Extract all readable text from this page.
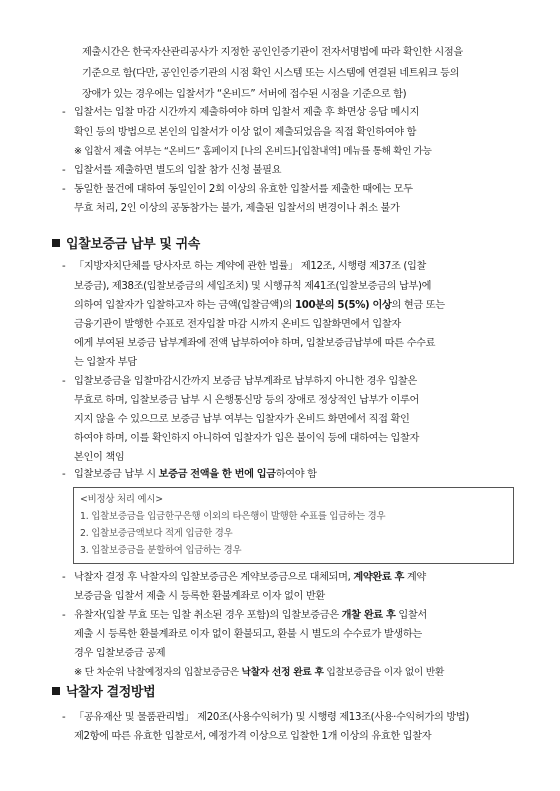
제출시간은 한국자산관리공사가 지정한 공인인증기관이 전자서명법에 따라 확인한 시점을
기준으로 함(다만, 공인인증기관의 시점 확인 시스템 또는 시스템에 연결된 네트워크 등의
장애가 있는 경우에는 입찰서가 “온비드” 서버에 접수된 시점을 기준으로 함)
- 입찰서는 입찰 마감 시간까지 제출하여야 하며 입찰서 제출 후 화면상 응답 메시지
확인 등의 방법으로 본인의 입찰서가 이상 없이 제출되었음을 직접 확인하여야 함
※ 입찰서 제출 여부는 “온비드” 홈페이지 [나의 온비드]-[입찰내역] 메뉴를 통해 확인 가능
- 입찰서를 제출하면 별도의 입찰 참가 신청 불필요
- 동일한 물건에 대하여 동일인이 2회 이상의 유효한 입찰서를 제출한 때에는 모두
무효 처리, 2인 이상의 공동참가는 불가, 제출된 입찰서의 변경이나 취소 불가
입찰보증금 납부 및 귀속
- 「지방자치단체를 당사자로 하는 계약에 관한 법률」 제12조, 시행령 제37조 (입찰
보증금), 제38조(입찰보증금의 세입조치) 및 시행규칙 제41조(입찰보증금의 납부)에
의하여 입찰자가 입찰하고자 하는 금액(입찰금액)의 100분의 5(5%) 이상의 현금 또는
금융기관이 발행한 수표로 전자입찰 마감 시까지 온비드 입찰화면에서 입찰자
에게 부여된 보증금 납부계좌에 전액 납부하여야 하며, 입찰보증금납부에 따른 수수료
는 입찰자 부담
- 입찰보증금을 입찰마감시간까지 보증금 납부계좌로 납부하지 아니한 경우 입찰은
무효로 하며, 입찰보증금 납부 시 은행통신망 등의 장애로 정상적인 납부가 이루어
지지 않을 수 있으므로 보증금 납부 여부는 입찰자가 온비드 화면에서 직접 확인
하여야 하며, 이를 확인하지 아니하여 입찰자가 입은 불이익 등에 대하여는 입찰자
본인이 책임
- 입찰보증금 납부 시 보증금 전액을 한 번에 입금하여야 함
<비정상 처리 예시>
1. 입찰보증금을 입금한구은행 이외의 타은행이 발행한 수표를 입금하는 경우
2. 입찰보증금액보다 적게 입금한 경우
3. 입찰보증금을 분할하여 입금하는 경우
- 낙찰자 결정 후 낙찰자의 입찰보증금은 계약보증금으로 대체되며, 계약완료 후 계약
보증금을 입찰서 제출 시 등록한 환불계좌로 이자 없이 반환
- 유찰자(입찰 무효 또는 입찰 취소된 경우 포함)의 입찰보증금은 개찰 완료 후 입찰서
제출 시 등록한 환불계좌로 이자 없이 환불되고, 환불 시 별도의 수수료가 발생하는
경우 입찰보증금 공제
※ 단 차순위 낙찰예정자의 입찰보증금은 낙찰자 선정 완료 후 입찰보증금을 이자 없이 반환
낙찰자 결정방법
- 「공유재산 및 물품관리법」 제20조(사용수익허가) 및 시행령 제13조(사용·수익허가의 방법)
제2항에 따른 유효한 입찰로서, 예정가격 이상으로 입찰한 1개 이상의 유효한 입찰자
